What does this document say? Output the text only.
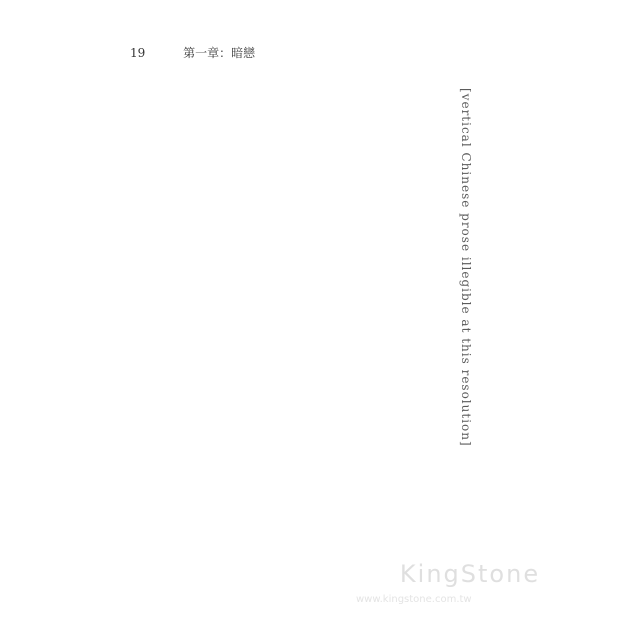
19	第一章：暗戀

[vertical Chinese prose illegible at this resolution]

KingStone
www.kingstone.com.tw
